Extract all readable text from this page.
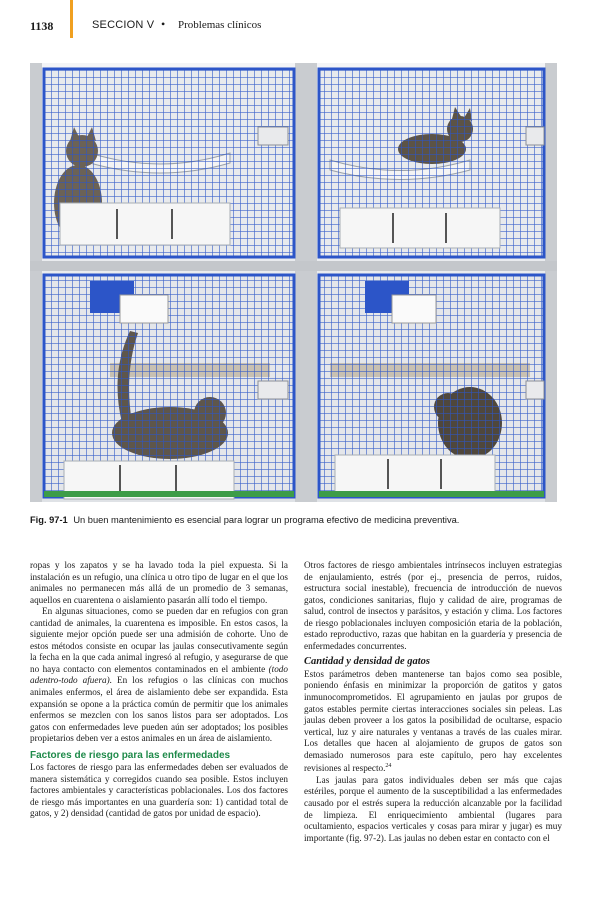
1138	SECCION V • Problemas clínicos
Fig. 97-1 Un buen mantenimiento es esencial para lograr un programa efectivo de medicina preventiva.

ropas y los zapatos y se ha lavado toda la piel expuesta. Si la instalación es un refugio, una clínica u otro tipo de lugar en el que los animales no permanecen más allá de un promedio de 3 semanas, aquellos en cuarentena o aislamiento pasarán allí todo el tiempo.

En algunas situaciones, como se pueden dar en refugios con gran cantidad de animales, la cuarentena es imposible. En estos casos, la siguiente mejor opción puede ser una admisión de cohorte. Uno de estos métodos consiste en ocupar las jaulas consecutivamente según la fecha en la que cada animal ingresó al refugio, y asegurarse de que no haya contacto con elementos contaminados en el ambiente (todo adentro-todo afuera). En los refugios o las clínicas con muchos animales enfermos, el área de aislamiento debe ser expandida. Esta expansión se opone a la práctica común de permitir que los animales enfermos se mezclen con los sanos listos para ser adoptados. Los gatos con enfermedades leve pueden aún ser adoptados; los posibles propietarios deben ver a estos animales en un área de aislamiento.

Factores de riesgo para las enfermedades

Los factores de riesgo para las enfermedades deben ser evaluados de manera sistemática y corregidos cuando sea posible. Estos incluyen factores ambientales y características poblacionales. Los dos factores de riesgo más importantes en una guardería son: 1) cantidad total de gatos, y 2) densidad (cantidad de gatos por unidad de espacio).

Otros factores de riesgo ambientales intrínsecos incluyen estrategias de enjaulamiento, estrés (por ej., presencia de perros, ruidos, estructura social inestable), frecuencia de introducción de nuevos gatos, condiciones sanitarias, flujo y calidad de aire, programas de salud, control de insectos y parásitos, y estación y clima. Los factores de riesgo poblacionales incluyen composición etaria de la población, estado reproductivo, razas que habitan en la guardería y presencia de enfermedades concurrentes.

Cantidad y densidad de gatos

Estos parámetros deben mantenerse tan bajos como sea posible, poniendo énfasis en minimizar la proporción de gatitos y gatos inmunocomprometidos. El agrupamiento en jaulas por grupos de gatos estables permite ciertas interacciones sociales sin peleas. Las jaulas deben proveer a los gatos la posibilidad de ocultarse, espacio vertical, luz y aire naturales y ventanas a través de las cuales mirar. Los detalles que hacen al alojamiento de grupos de gatos son demasiado numerosos para este capítulo, pero hay excelentes revisiones al respecto.$^{24}$

Las jaulas para gatos individuales deben ser más que cajas estériles, porque el aumento de la susceptibilidad a las enfermedades causado por el estrés supera la reducción alcanzable por la facilidad de limpieza. El enriquecimiento ambiental (lugares para ocultamiento, espacios verticales y cosas para mirar y jugar) es muy importante (fig. 97-2). Las jaulas no deben estar en contacto con el
